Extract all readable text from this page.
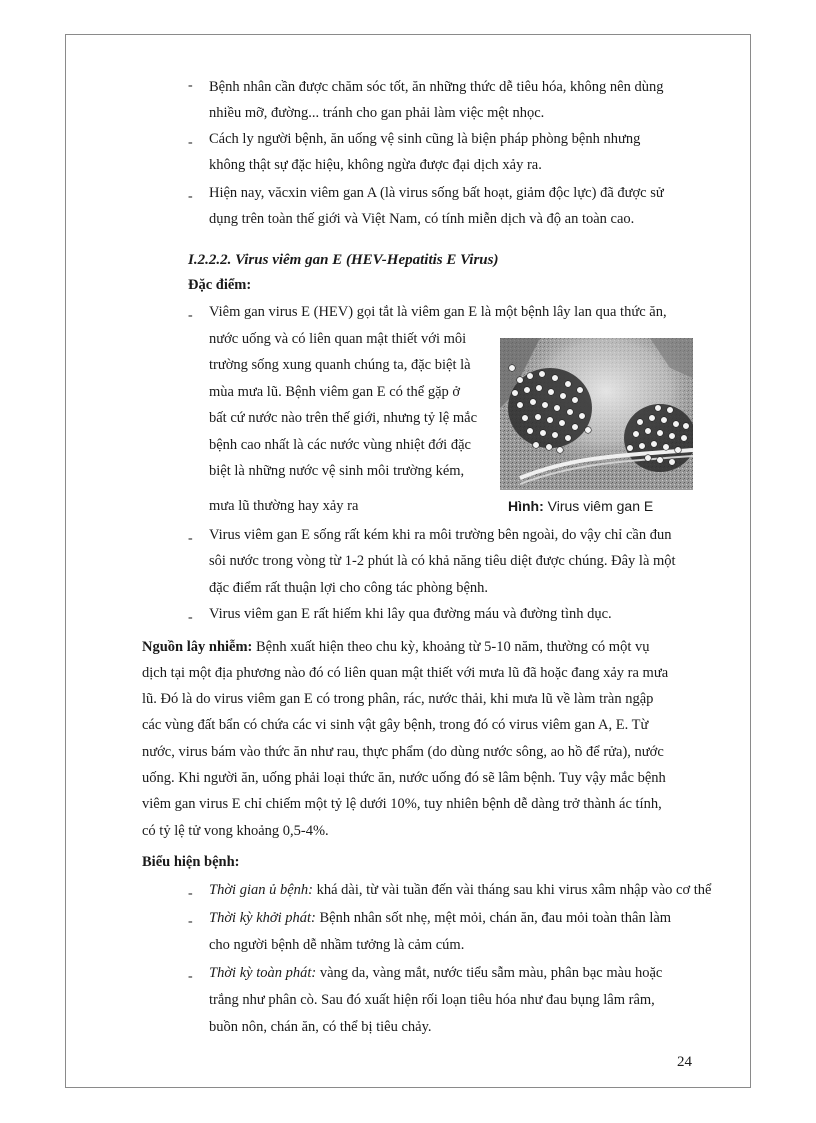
- Bệnh nhân cần được chăm sóc tốt, ăn những thức dễ tiêu hóa, không nên dùng
nhiều mỡ, đường... tránh cho gan phải làm việc mệt nhọc.
- Cách ly người bệnh, ăn uống vệ sinh cũng là biện pháp phòng bệnh nhưng
không thật sự đặc hiệu, không ngừa được đại dịch xảy ra.
- Hiện nay, văcxin viêm gan A (là virus sống bất hoạt, giảm độc lực) đã được sử
dụng trên toàn thế giới và Việt Nam, có tính miễn dịch và độ an toàn cao.
I.2.2.2. Virus viêm gan E (HEV-Hepatitis E Virus)
Đặc điểm:
- Viêm gan virus E (HEV) gọi tắt là viêm gan E là một bệnh lây lan qua thức ăn,
nước uống và có liên quan mật thiết với môi
trường sống xung quanh chúng ta, đặc biệt là
mùa mưa lũ. Bệnh viêm gan E có thể gặp ở
bất cứ nước nào trên thế giới, nhưng tỷ lệ mắc
bệnh cao nhất là các nước vùng nhiệt đới đặc
biệt là những nước vệ sinh môi trường kém,
mưa lũ thường hay xảy ra	Hình: Virus viêm gan E
- Virus viêm gan E sống rất kém khi ra môi trường bên ngoài, do vậy chỉ cần đun
sôi nước trong vòng từ 1-2 phút là có khả năng tiêu diệt được chúng. Đây là một
đặc điểm rất thuận lợi cho công tác phòng bệnh.
- Virus viêm gan E rất hiếm khi lây qua đường máu và đường tình dục.
Nguồn lây nhiễm: Bệnh xuất hiện theo chu kỳ, khoảng từ 5-10 năm, thường có một vụ
dịch tại một địa phương nào đó có liên quan mật thiết với mưa lũ đã hoặc đang xảy ra mưa
lũ. Đó là do virus viêm gan E có trong phân, rác, nước thải, khi mưa lũ về làm tràn ngập
các vùng đất bẩn có chứa các vi sinh vật gây bệnh, trong đó có virus viêm gan A, E. Từ
nước, virus bám vào thức ăn như rau, thực phẩm (do dùng nước sông, ao hồ để rửa), nước
uống. Khi người ăn, uống phải loại thức ăn, nước uống đó sẽ lâm bệnh. Tuy vậy mắc bệnh
viêm gan virus E chỉ chiếm một tỷ lệ dưới 10%, tuy nhiên bệnh dễ dàng trở thành ác tính,
có tỷ lệ tử vong khoảng 0,5-4%.
Biểu hiện bệnh:
- Thời gian ủ bệnh: khá dài, từ vài tuần đến vài tháng sau khi virus xâm nhập vào cơ thể
- Thời kỳ khởi phát: Bệnh nhân sốt nhẹ, mệt mỏi, chán ăn, đau mỏi toàn thân làm
cho người bệnh dễ nhầm tưởng là cảm cúm.
- Thời kỳ toàn phát: vàng da, vàng mắt, nước tiểu sẫm màu, phân bạc màu hoặc
trắng như phân cò. Sau đó xuất hiện rối loạn tiêu hóa như đau bụng lâm râm,
buồn nôn, chán ăn, có thể bị tiêu chảy.
24
